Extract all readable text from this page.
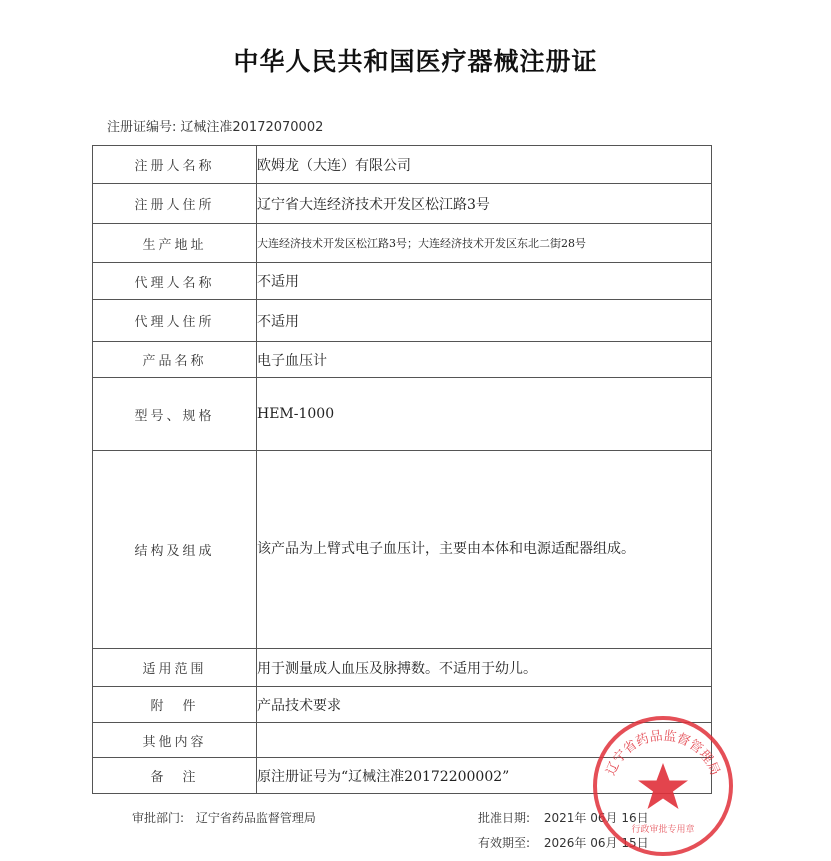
中华人民共和国医疗器械注册证
注册证编号: 辽械注准20172070002
注册人名称	欧姆龙（大连）有限公司
注册人住所	辽宁省大连经济技术开发区松江路3号
生产地址	大连经济技术开发区松江路3号；大连经济技术开发区东北二街28号
代理人名称	不适用
代理人住所	不适用
产品名称	电子血压计
型号、规格	HEM-1000
结构及组成	该产品为上臂式电子血压计，主要由本体和电源适配器组成。
适用范围	用于测量成人血压及脉搏数。不适用于幼儿。
附　件	产品技术要求
其他内容	
备　注	原注册证号为“辽械注准20172200002”
审批部门: 辽宁省药品监督管理局	批准日期: 2021年 06月 16日
有效期至: 2026年 06月 15日
辽宁省药品监督管理局
行政审批专用章
